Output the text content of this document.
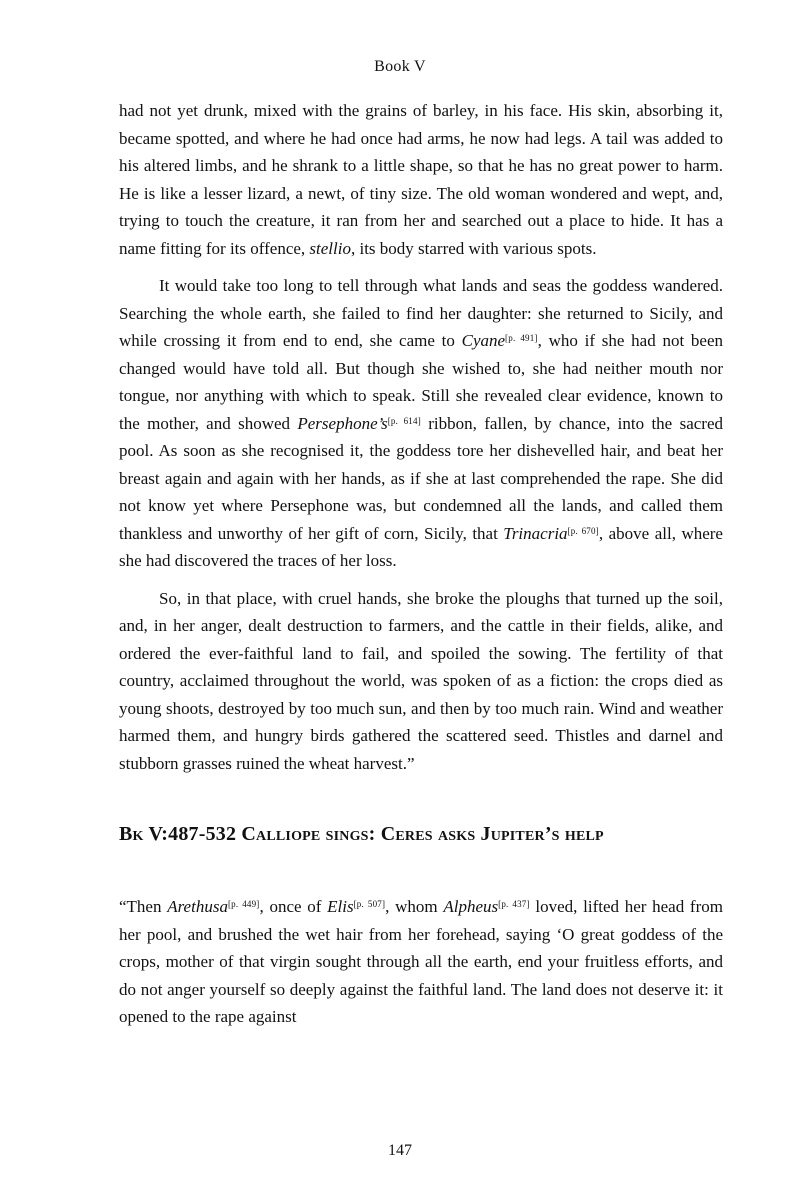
Book V

had not yet drunk, mixed with the grains of barley, in his face. His skin, absorbing it, became spotted, and where he had once had arms, he now had legs. A tail was added to his altered limbs, and he shrank to a little shape, so that he has no great power to harm. He is like a lesser lizard, a newt, of tiny size. The old woman wondered and wept, and, trying to touch the creature, it ran from her and searched out a place to hide. It has a name fitting for its offence, stellio, its body starred with various spots.

It would take too long to tell through what lands and seas the goddess wandered. Searching the whole earth, she failed to find her daughter: she returned to Sicily, and while crossing it from end to end, she came to Cyane[p. 491], who if she had not been changed would have told all. But though she wished to, she had neither mouth nor tongue, nor anything with which to speak. Still she revealed clear evidence, known to the mother, and showed Persephone’s[p. 614] ribbon, fallen, by chance, into the sacred pool. As soon as she recognised it, the goddess tore her dishevelled hair, and beat her breast again and again with her hands, as if she at last comprehended the rape. She did not know yet where Persephone was, but condemned all the lands, and called them thankless and unworthy of her gift of corn, Sicily, that Trinacria[p. 670], above all, where she had discovered the traces of her loss.

So, in that place, with cruel hands, she broke the ploughs that turned up the soil, and, in her anger, dealt destruction to farmers, and the cattle in their fields, alike, and ordered the ever-faithful land to fail, and spoiled the sowing. The fertility of that country, acclaimed throughout the world, was spoken of as a fiction: the crops died as young shoots, destroyed by too much sun, and then by too much rain. Wind and weather harmed them, and hungry birds gathered the scattered seed. Thistles and darnel and stubborn grasses ruined the wheat harvest.”

Bk V:487-532 Calliope sings: Ceres asks Jupiter’s help

“Then Arethusa[p. 449], once of Elis[p. 507], whom Alpheus[p. 437] loved, lifted her head from her pool, and brushed the wet hair from her forehead, saying ‘O great goddess of the crops, mother of that virgin sought through all the earth, end your fruitless efforts, and do not anger yourself so deeply against the faithful land. The land does not deserve it: it opened to the rape against

147
